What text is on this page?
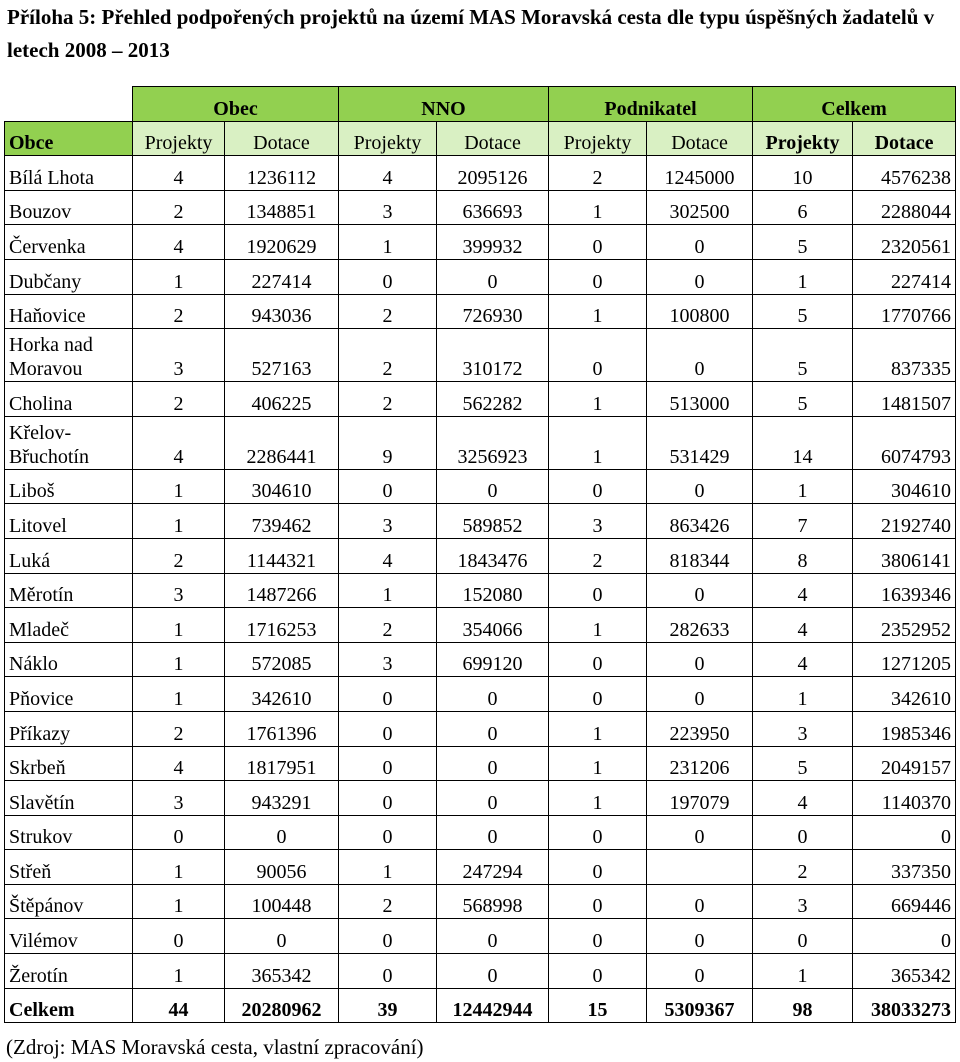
Příloha 5: Přehled podpořených projektů na území MAS Moravská cesta dle typu úspěšných žadatelů v letech 2008 – 2013
	Obec		NNO		Podnikatel		Celkem	
Obce	Projekty	Dotace	Projekty	Dotace	Projekty	Dotace	Projekty	Dotace
Bílá Lhota	4	1236112	4	2095126	2	1245000	10	4576238
Bouzov	2	1348851	3	636693	1	302500	6	2288044
Červenka	4	1920629	1	399932	0	0	5	2320561
Dubčany	1	227414	0	0	0	0	1	227414
Haňovice	2	943036	2	726930	1	100800	5	1770766
Horka nad
Moravou	3	527163	2	310172	0	0	5	837335
Cholina	2	406225	2	562282	1	513000	5	1481507
Křelov-
Břuchotín	4	2286441	9	3256923	1	531429	14	6074793
Liboš	1	304610	0	0	0	0	1	304610
Litovel	1	739462	3	589852	3	863426	7	2192740
Luká	2	1144321	4	1843476	2	818344	8	3806141
Měrotín	3	1487266	1	152080	0	0	4	1639346
Mladeč	1	1716253	2	354066	1	282633	4	2352952
Náklo	1	572085	3	699120	0	0	4	1271205
Pňovice	1	342610	0	0	0	0	1	342610
Příkazy	2	1761396	0	0	1	223950	3	1985346
Skrbeň	4	1817951	0	0	1	231206	5	2049157
Slavětín	3	943291	0	0	1	197079	4	1140370
Strukov	0	0	0	0	0	0	0	0
Střeň	1	90056	1	247294	0		2	337350
Štěpánov	1	100448	2	568998	0	0	3	669446
Vilémov	0	0	0	0	0	0	0	0
Žerotín	1	365342	0	0	0	0	1	365342
Celkem	44	20280962	39	12442944	15	5309367	98	38033273
(Zdroj: MAS Moravská cesta, vlastní zpracování)
